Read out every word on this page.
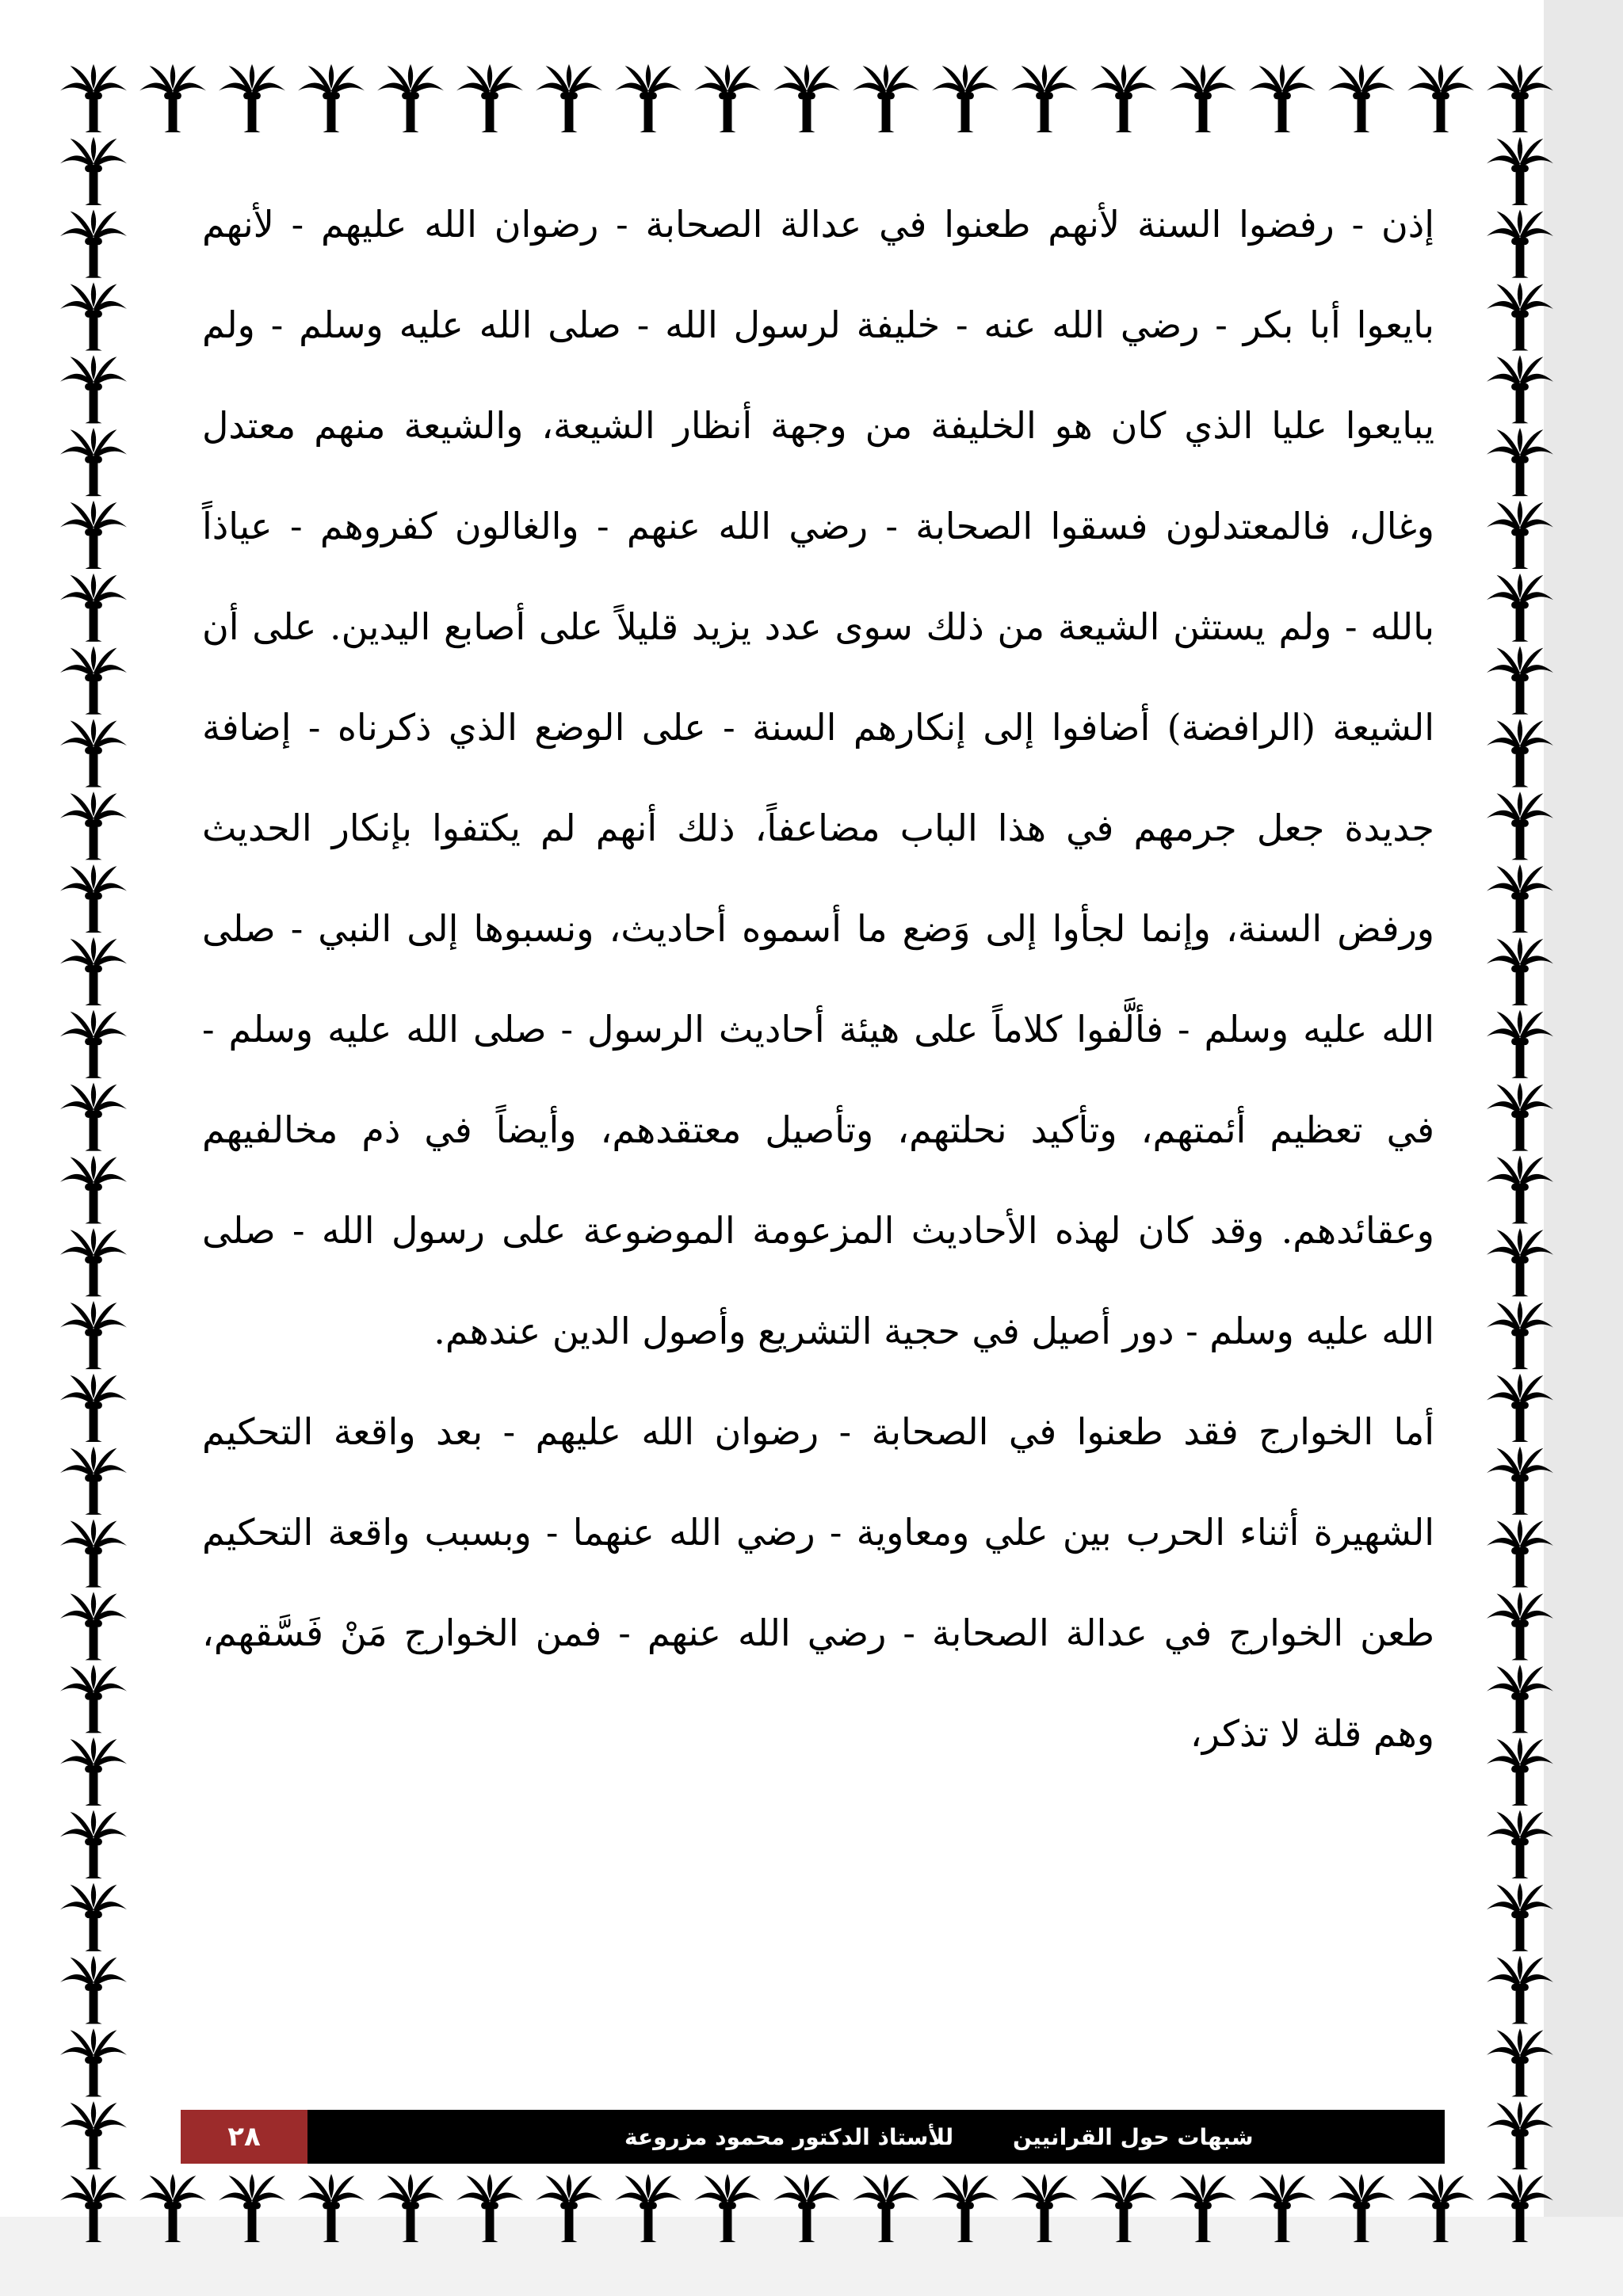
إذن - رفضوا السنة لأنهم طعنوا في عدالة الصحابة - رضوان الله عليهم - لأنهم بايعوا أبا بكر - رضي الله عنه - خليفة لرسول الله - صلى الله عليه وسلم - ولم يبايعوا عليا الذي كان هو الخليفة من وجهة أنظار الشيعة، والشيعة منهم معتدل وغال، فالمعتدلون فسقوا الصحابة - رضي الله عنهم - والغالون كفروهم - عياذاً بالله - ولم يستثن الشيعة من ذلك سوى عدد يزيد قليلاً على أصابع اليدين. على أن الشيعة (الرافضة) أضافوا إلى إنكارهم السنة - على الوضع الذي ذكرناه - إضافة جديدة جعل جرمهم في هذا الباب مضاعفاً، ذلك أنهم لم يكتفوا بإنكار الحديث ورفض السنة، وإنما لجأوا إلى وَضع ما أسموه أحاديث، ونسبوها إلى النبي - صلى الله عليه وسلم - فألَّفوا كلاماً على هيئة أحاديث الرسول - صلى الله عليه وسلم - في تعظيم أئمتهم، وتأكيد نحلتهم، وتأصيل معتقدهم، وأيضاً في ذم مخالفيهم وعقائدهم. وقد كان لهذه الأحاديث المزعومة الموضوعة على رسول الله - صلى الله عليه وسلم - دور أصيل في حجية التشريع وأصول الدين عندهم.

أما الخوارج فقد طعنوا في الصحابة - رضوان الله عليهم - بعد واقعة التحكيم الشهيرة أثناء الحرب بين علي ومعاوية - رضي الله عنهما - وبسبب واقعة التحكيم طعن الخوارج في عدالة الصحابة - رضي الله عنهم - فمن الخوارج مَنْ فَسَّقهم، وهم قلة لا تذكر،

٢٨	للأستاذ الدكتور محمود مزروعة	شبهات حول القرانيين
